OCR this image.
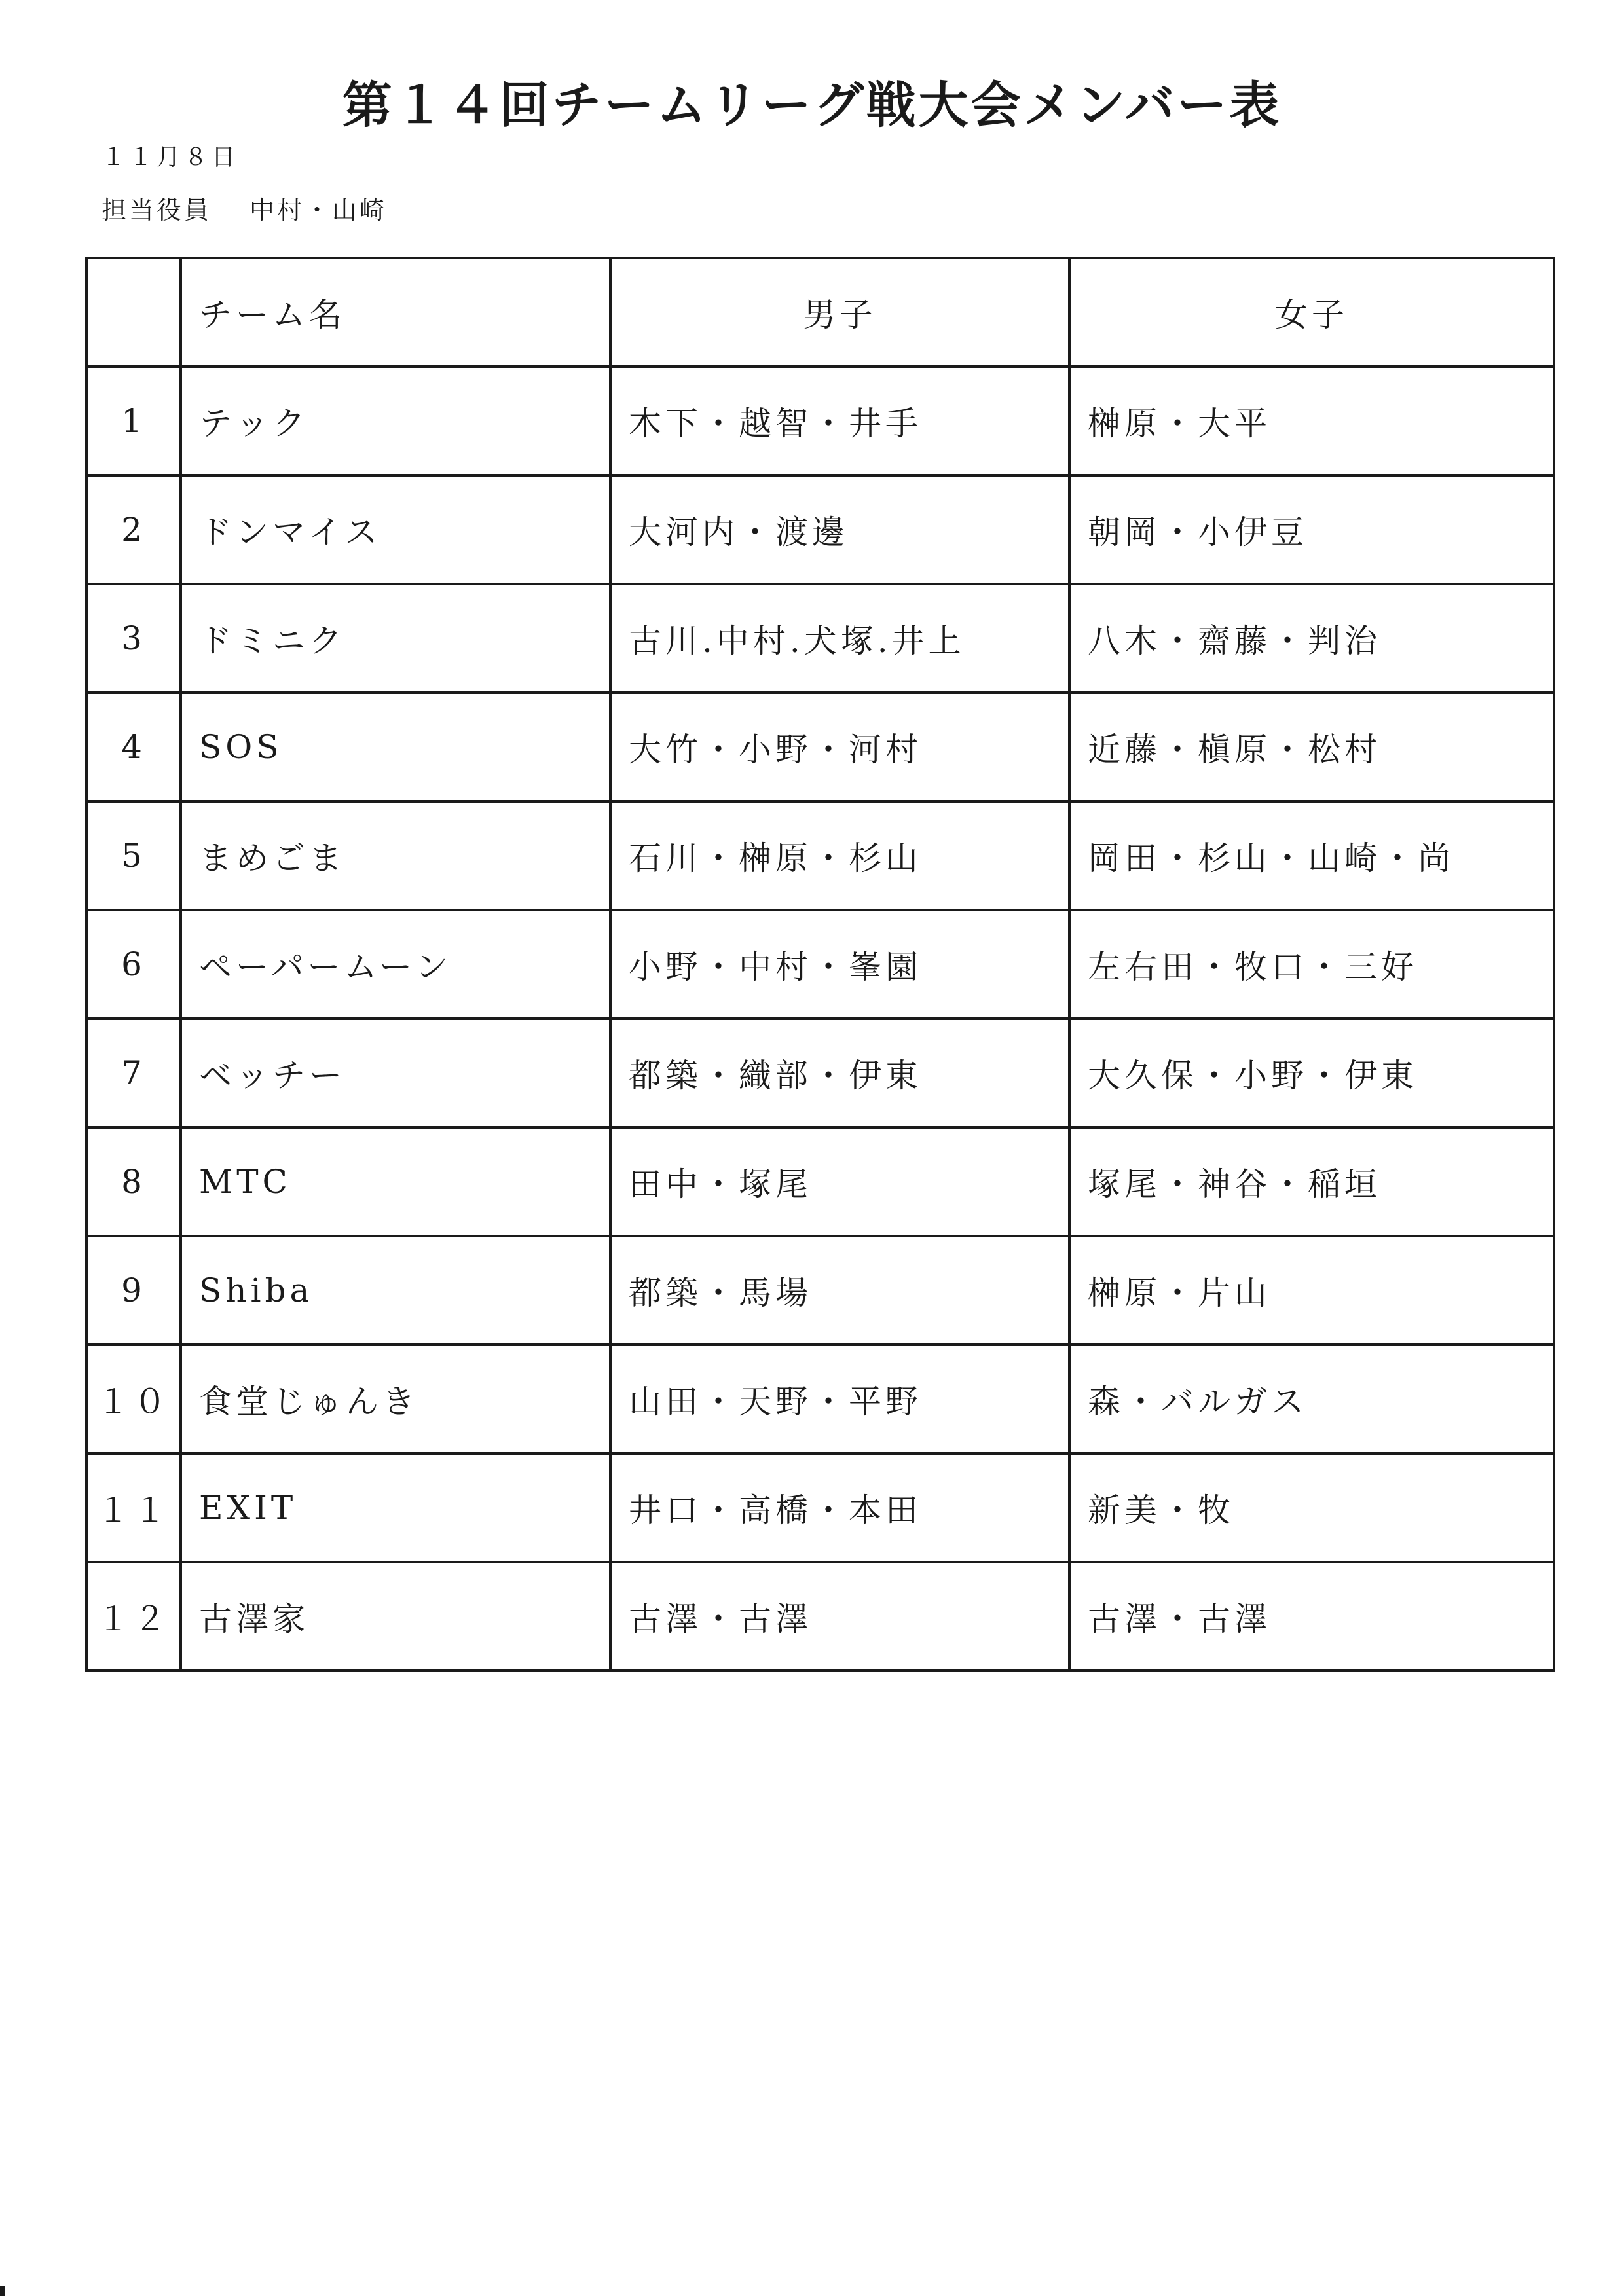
第１４回チームリーグ戦大会メンバー表
１１月８日
担当役員 中村・山崎
	チーム名	男子	女子
1	テック	木下・越智・井手	榊原・大平
2	ドンマイス	大河内・渡邊	朝岡・小伊豆
3	ドミニク	古川.中村.犬塚.井上	八木・齋藤・判治
4	SOS	大竹・小野・河村	近藤・槇原・松村
5	まめごま	石川・榊原・杉山	岡田・杉山・山崎・尚
6	ペーパームーン	小野・中村・峯園	左右田・牧口・三好
7	ベッチー	都築・織部・伊東	大久保・小野・伊東
8	MTC	田中・塚尾	塚尾・神谷・稲垣
9	Shiba	都築・馬場	榊原・片山
１０	食堂じゅんき	山田・天野・平野	森・バルガス
１１	EXIT	井口・高橋・本田	新美・牧
１２	古澤家	古澤・古澤	古澤・古澤
